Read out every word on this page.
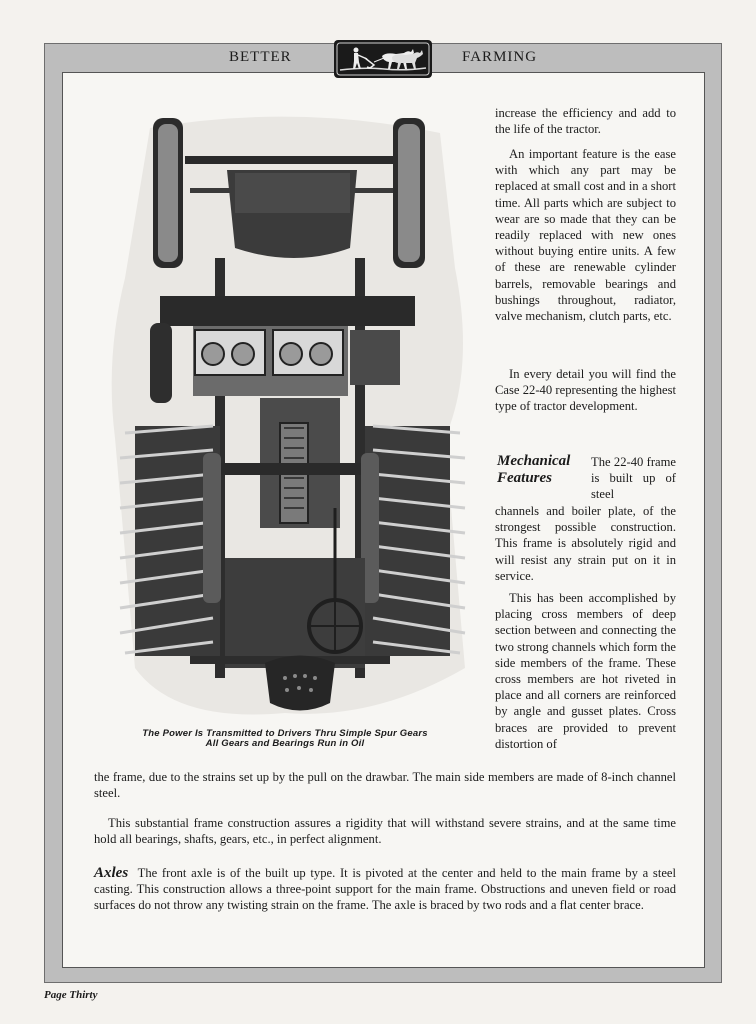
BETTER	FARMING
The Power Is Transmitted to Drivers Thru Simple Spur Gears
All Gears and Bearings Run in Oil

increase the efficiency and add to the life of the tractor.

An important feature is the ease with which any part may be replaced at small cost and in a short time. All parts which are subject to wear are so made that they can be readily replaced with new ones without buying entire units. A few of these are renewable cylinder barrels, removable bearings and bushings throughout, radiator, valve mechanism, clutch parts, etc.

In every detail you will find the Case 22-40 representing the highest type of tractor development.

Mechanical
Features
The 22-40 frame is built up of steel

channels and boiler plate, of the strongest possible construction. This frame is absolutely rigid and will resist any strain put on it in service.

This has been accomplished by placing cross members of deep section between and connecting the two strong channels which form the side members of the frame. These cross members are hot riveted in place and all corners are reinforced by angle and gusset plates. Cross braces are provided to prevent distortion of

the frame, due to the strains set up by the pull on the drawbar. The main side members are made of 8-inch channel steel.

This substantial frame construction assures a rigidity that will withstand severe strains, and at the same time hold all bearings, shafts, gears, etc., in perfect alignment.

Axles The front axle is of the built up type. It is pivoted at the center and held to the main frame by a steel casting. This construction allows a three-point support for the main frame. Obstructions and uneven field or road surfaces do not throw any twisting strain on the frame. The axle is braced by two rods and a flat center brace.

Page Thirty
